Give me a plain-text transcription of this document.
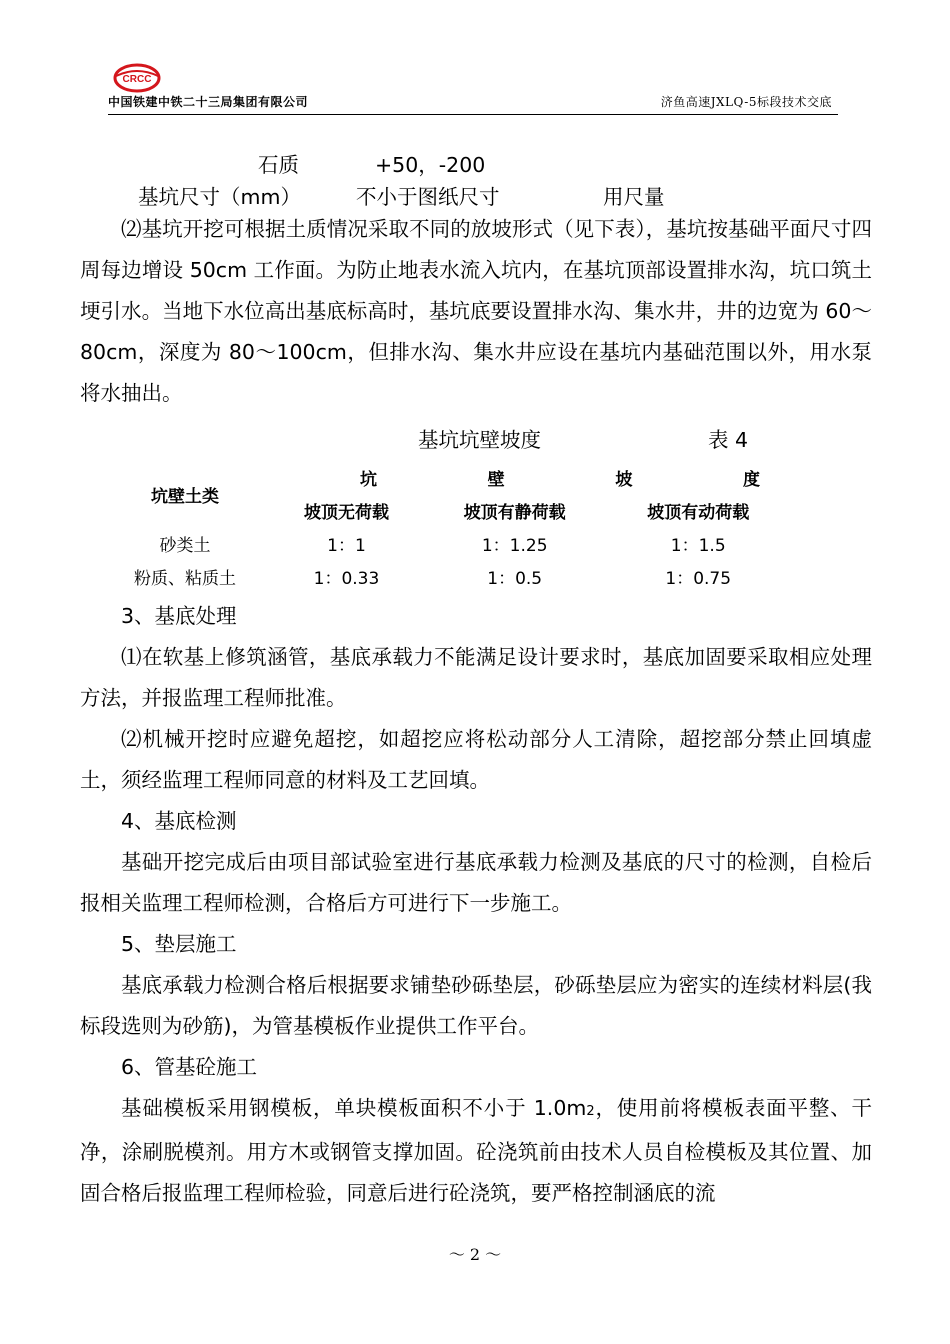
CRCC
中国铁建中铁二十三局集团有限公司	济鱼高速JXLQ-5标段技术交底
石质	+50，-200
基坑尺寸（mm）	不小于图纸尺寸	用尺量

⑵基坑开挖可根据土质情况采取不同的放坡形式（见下表），基坑按基础平面尺寸四周每边增设 50cm 工作面。为防止地表水流入坑内，在基坑顶部设置排水沟，坑口筑土埂引水。当地下水位高出基底标高时，基坑底要设置排水沟、集水井，井的边宽为 60～80cm，深度为 80～100cm，但排水沟、集水井应设在基坑内基础范围以外，用水泵将水抽出。

基坑坑壁坡度	表 4
坑壁土类	坑 壁 坡 度		

	坡顶无荷载	坡顶有静荷载	坡顶有动荷载
砂类土	1：1	1：1.25	1：1.5
粉质、粘质土	1：0.33	1：0.5	1：0.75

3、基底处理

⑴在软基上修筑涵管，基底承载力不能满足设计要求时，基底加固要采取相应处理方法，并报监理工程师批准。

⑵机械开挖时应避免超挖，如超挖应将松动部分人工清除，超挖部分禁止回填虚土，须经监理工程师同意的材料及工艺回填。

4、基底检测

基础开挖完成后由项目部试验室进行基底承载力检测及基底的尺寸的检测，自检后报相关监理工程师检测，合格后方可进行下一步施工。

5、垫层施工

基底承载力检测合格后根据要求铺垫砂砾垫层，砂砾垫层应为密实的连续材料层(我标段选则为砂筋)，为管基模板作业提供工作平台。

6、管基砼施工

基础模板采用钢模板，单块模板面积不小于 1.0m2，使用前将模板表面平整、干净，涂刷脱模剂。用方木或钢管支撑加固。砼浇筑前由技术人员自检模板及其位置、加固合格后报监理工程师检验，同意后进行砼浇筑，要严格控制涵底的流

～ 2 ～
